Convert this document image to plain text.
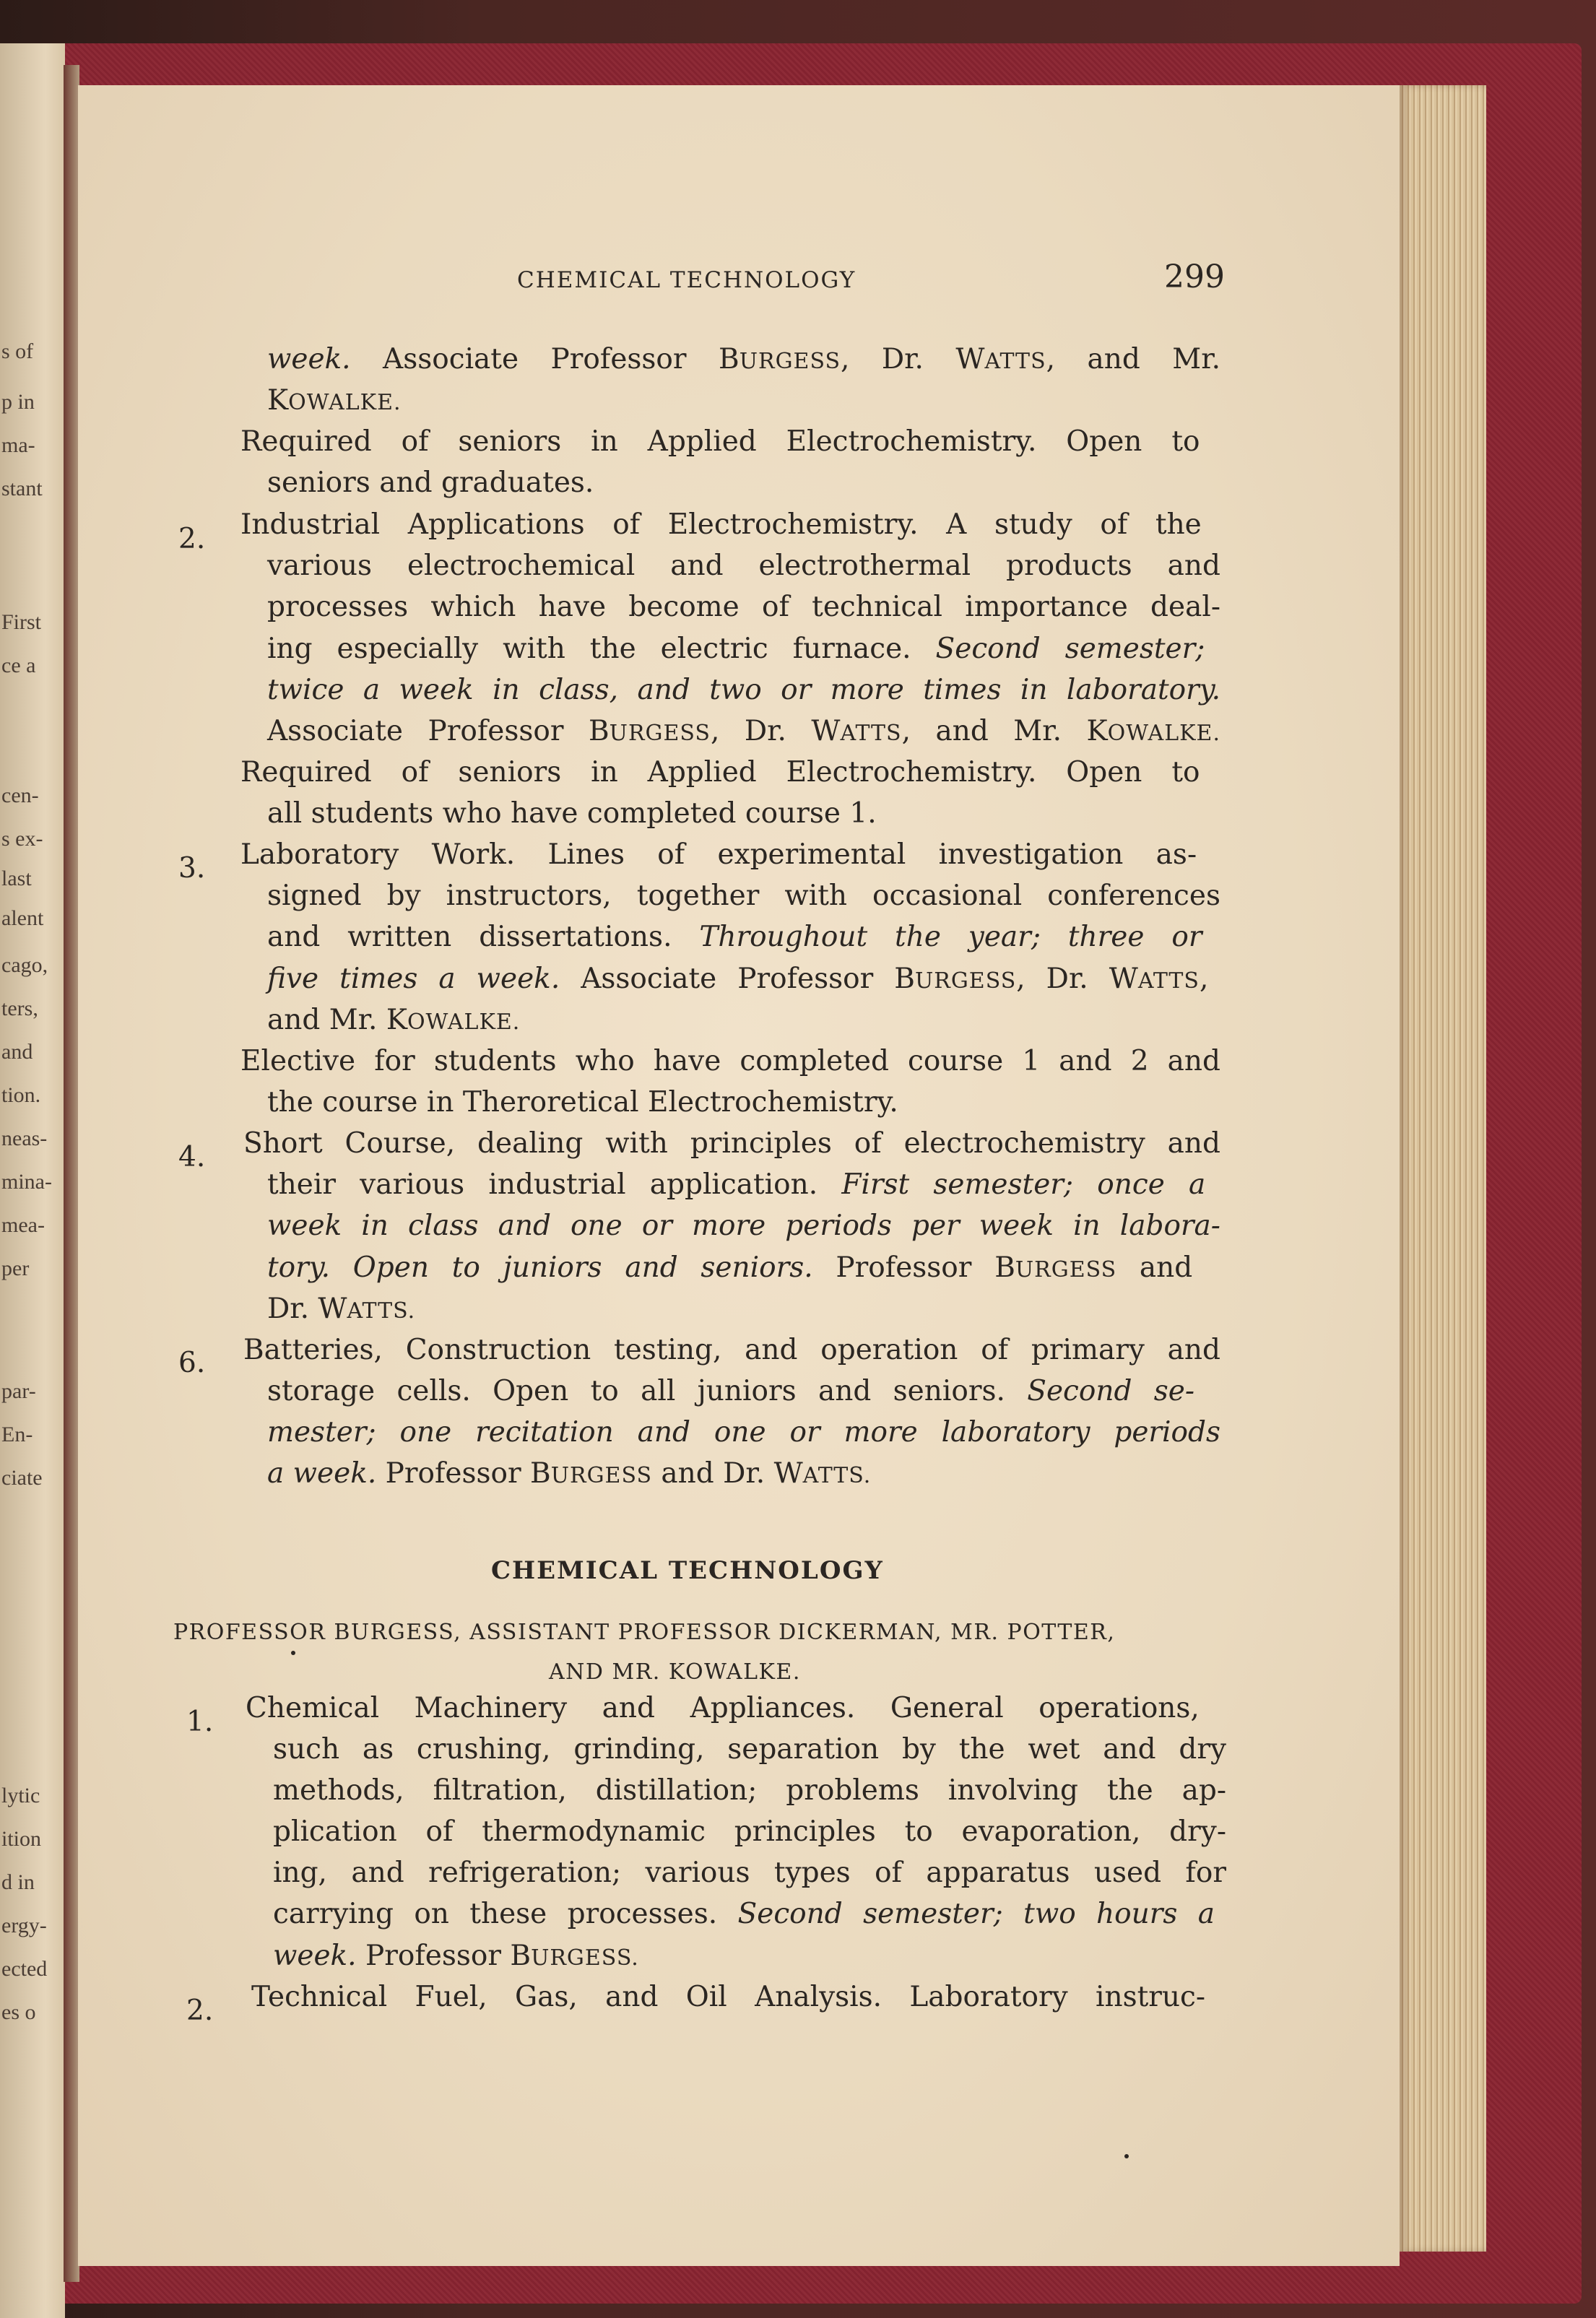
s of
p in
ma-
stant
First
ce a
cen-
s ex-
last
alent
cago,
ters,
and
tion.
neas-
mina-
mea-
per
par-
En-
ciate
lytic
ition
d in
ergy-
ected
es o
CHEMICAL TECHNOLOGY	299
2.
3.
4.
6.
1.
2.
week. Associate Professor BURGESS, Dr. WATTS, and Mr.
KOWALKE.
Required of seniors in Applied Electrochemistry. Open to
seniors and graduates.
Industrial Applications of Electrochemistry. A study of the
various electrochemical and electrothermal products and
processes which have become of technical importance deal-
ing especially with the electric furnace. Second semester;
twice a week in class, and two or more times in laboratory.
Associate Professor BURGESS, Dr. WATTS, and Mr. KOWALKE.
Required of seniors in Applied Electrochemistry. Open to
all students who have completed course 1.
Laboratory Work. Lines of experimental investigation as-
signed by instructors, together with occasional conferences
and written dissertations. Throughout the year; three or
five times a week. Associate Professor BURGESS, Dr. WATTS,
and Mr. KOWALKE.
Elective for students who have completed course 1 and 2 and
the course in Theroretical Electrochemistry.
Short Course, dealing with principles of electrochemistry and
their various industrial application. First semester; once a
week in class and one or more periods per week in labora-
tory. Open to juniors and seniors. Professor BURGESS and
Dr. WATTS.
Batteries, Construction testing, and operation of primary and
storage cells. Open to all juniors and seniors. Second se-
mester; one recitation and one or more laboratory periods
a week. Professor BURGESS and Dr. WATTS.
Chemical Machinery and Appliances. General operations,
such as crushing, grinding, separation by the wet and dry
methods, filtration, distillation; problems involving the ap-
plication of thermodynamic principles to evaporation, dry-
ing, and refrigeration; various types of apparatus used for
carrying on these processes. Second semester; two hours a
week. Professor BURGESS.
Technical Fuel, Gas, and Oil Analysis. Laboratory instruc-
CHEMICAL TECHNOLOGY
PROFESSOR BURGESS, ASSISTANT PROFESSOR DICKERMAN, MR. POTTER,
AND MR. KOWALKE.
